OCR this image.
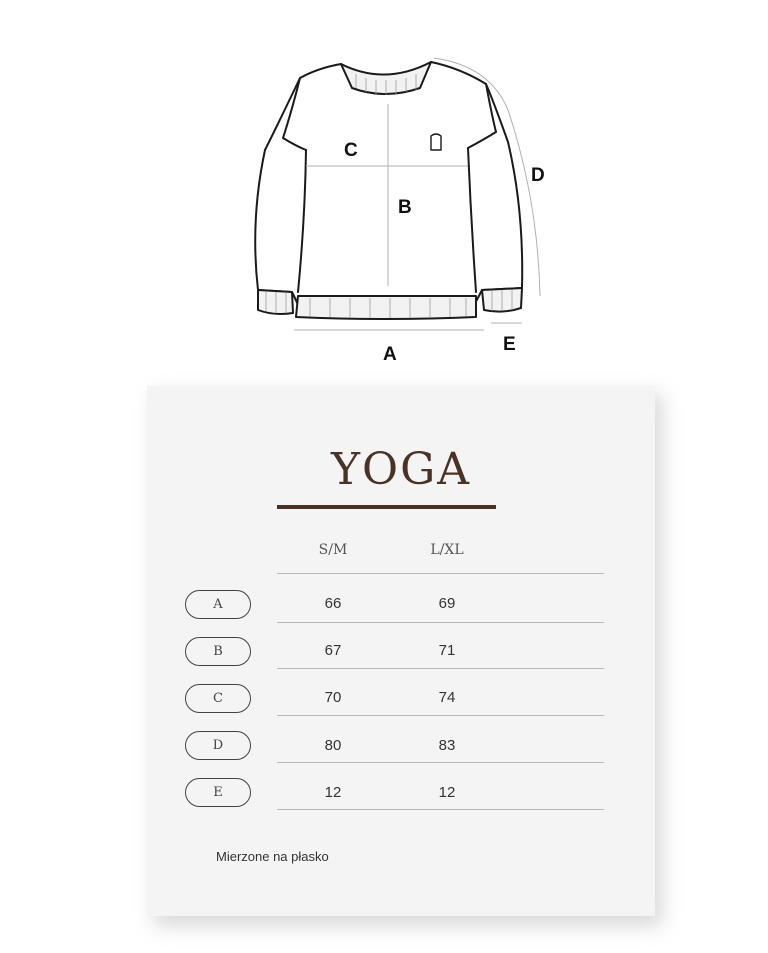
C
B
D
A	E
YOGA
S/M	L/XL
A	66	69
B	67	71
C	70	74
D	80	83
E	12	12
Mierzone na płasko
